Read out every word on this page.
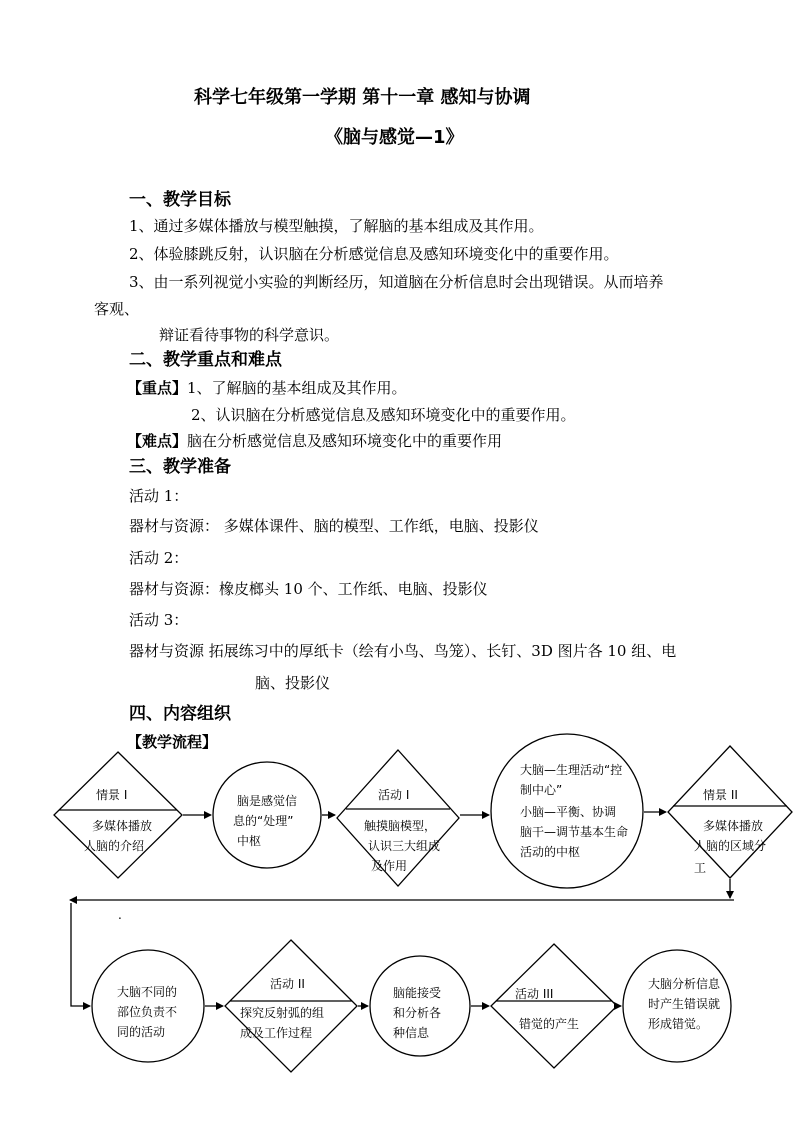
科学七年级第一学期 第十一章 感知与协调
《脑与感觉—1》
一、教学目标
1、通过多媒体播放与模型触摸，了解脑的基本组成及其作用。
2、体验膝跳反射，认识脑在分析感觉信息及感知环境变化中的重要作用。
3、由一系列视觉小实验的判断经历，知道脑在分析信息时会出现错误。从而培养
客观、
辩证看待事物的科学意识。
二、教学重点和难点
【重点】1、了解脑的基本组成及其作用。
2、认识脑在分析感觉信息及感知环境变化中的重要作用。
【难点】脑在分析感觉信息及感知环境变化中的重要作用
三、教学准备
活动 1：
器材与资源： 多媒体课件、脑的模型、工作纸，电脑、投影仪
活动 2：
器材与资源：橡皮榔头 10 个、工作纸、电脑、投影仪
活动 3：
器材与资源 拓展练习中的厚纸卡（绘有小鸟、鸟笼）、长钉、3D 图片各 10 组、电
脑、投影仪
四、内容组织
【教学流程】
情景 I
多媒体播放
人脑的介绍
脑是感觉信
息的“处理”
中枢
活动 I
触摸脑模型，
认识三大组成
及作用
大脑—生理活动“控
制中心”
小脑—平衡、协调
脑干—调节基本生命
活动的中枢
情景 II
多媒体播放
人脑的区域分
工
.
大脑不同的
部位负责不
同的活动
活动 II
探究反射弧的组
成及工作过程
脑能接受
和分析各
种信息
活动 III
错觉的产生
大脑分析信息
时产生错误就
形成错觉。
